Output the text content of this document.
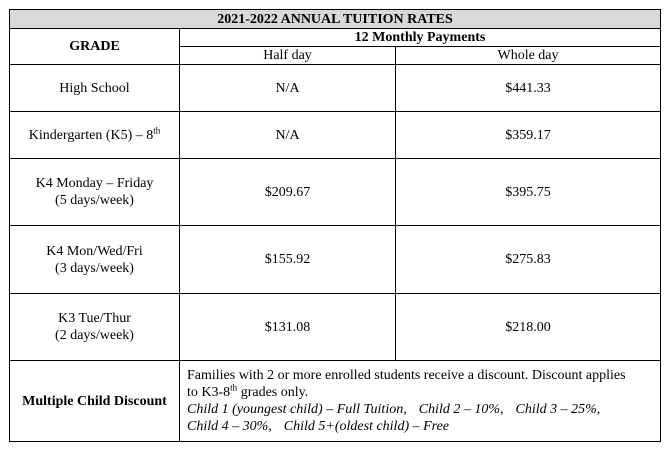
2021-2022 ANNUAL TUITION RATES		
GRADE	12 Monthly Payments	
	Half day	Whole day
High School	N/A	$441.33
Kindergarten (K5) – 8th	N/A	$359.17
K4 Monday – Friday
(5 days/week)	$209.67	$395.75
K4 Mon/Wed/Fri
(3 days/week)	$155.92	$275.83
K3 Tue/Thur
(2 days/week)	$131.08	$218.00
Multiple Child Discount	Families with 2 or more enrolled students receive a discount. Discount applies
to K3-8th grades only.
Child 1 (youngest child) – Full Tuition, Child 2 – 10%, Child 3 – 25%,
Child 4 – 30%, Child 5+(oldest child) – Free	
